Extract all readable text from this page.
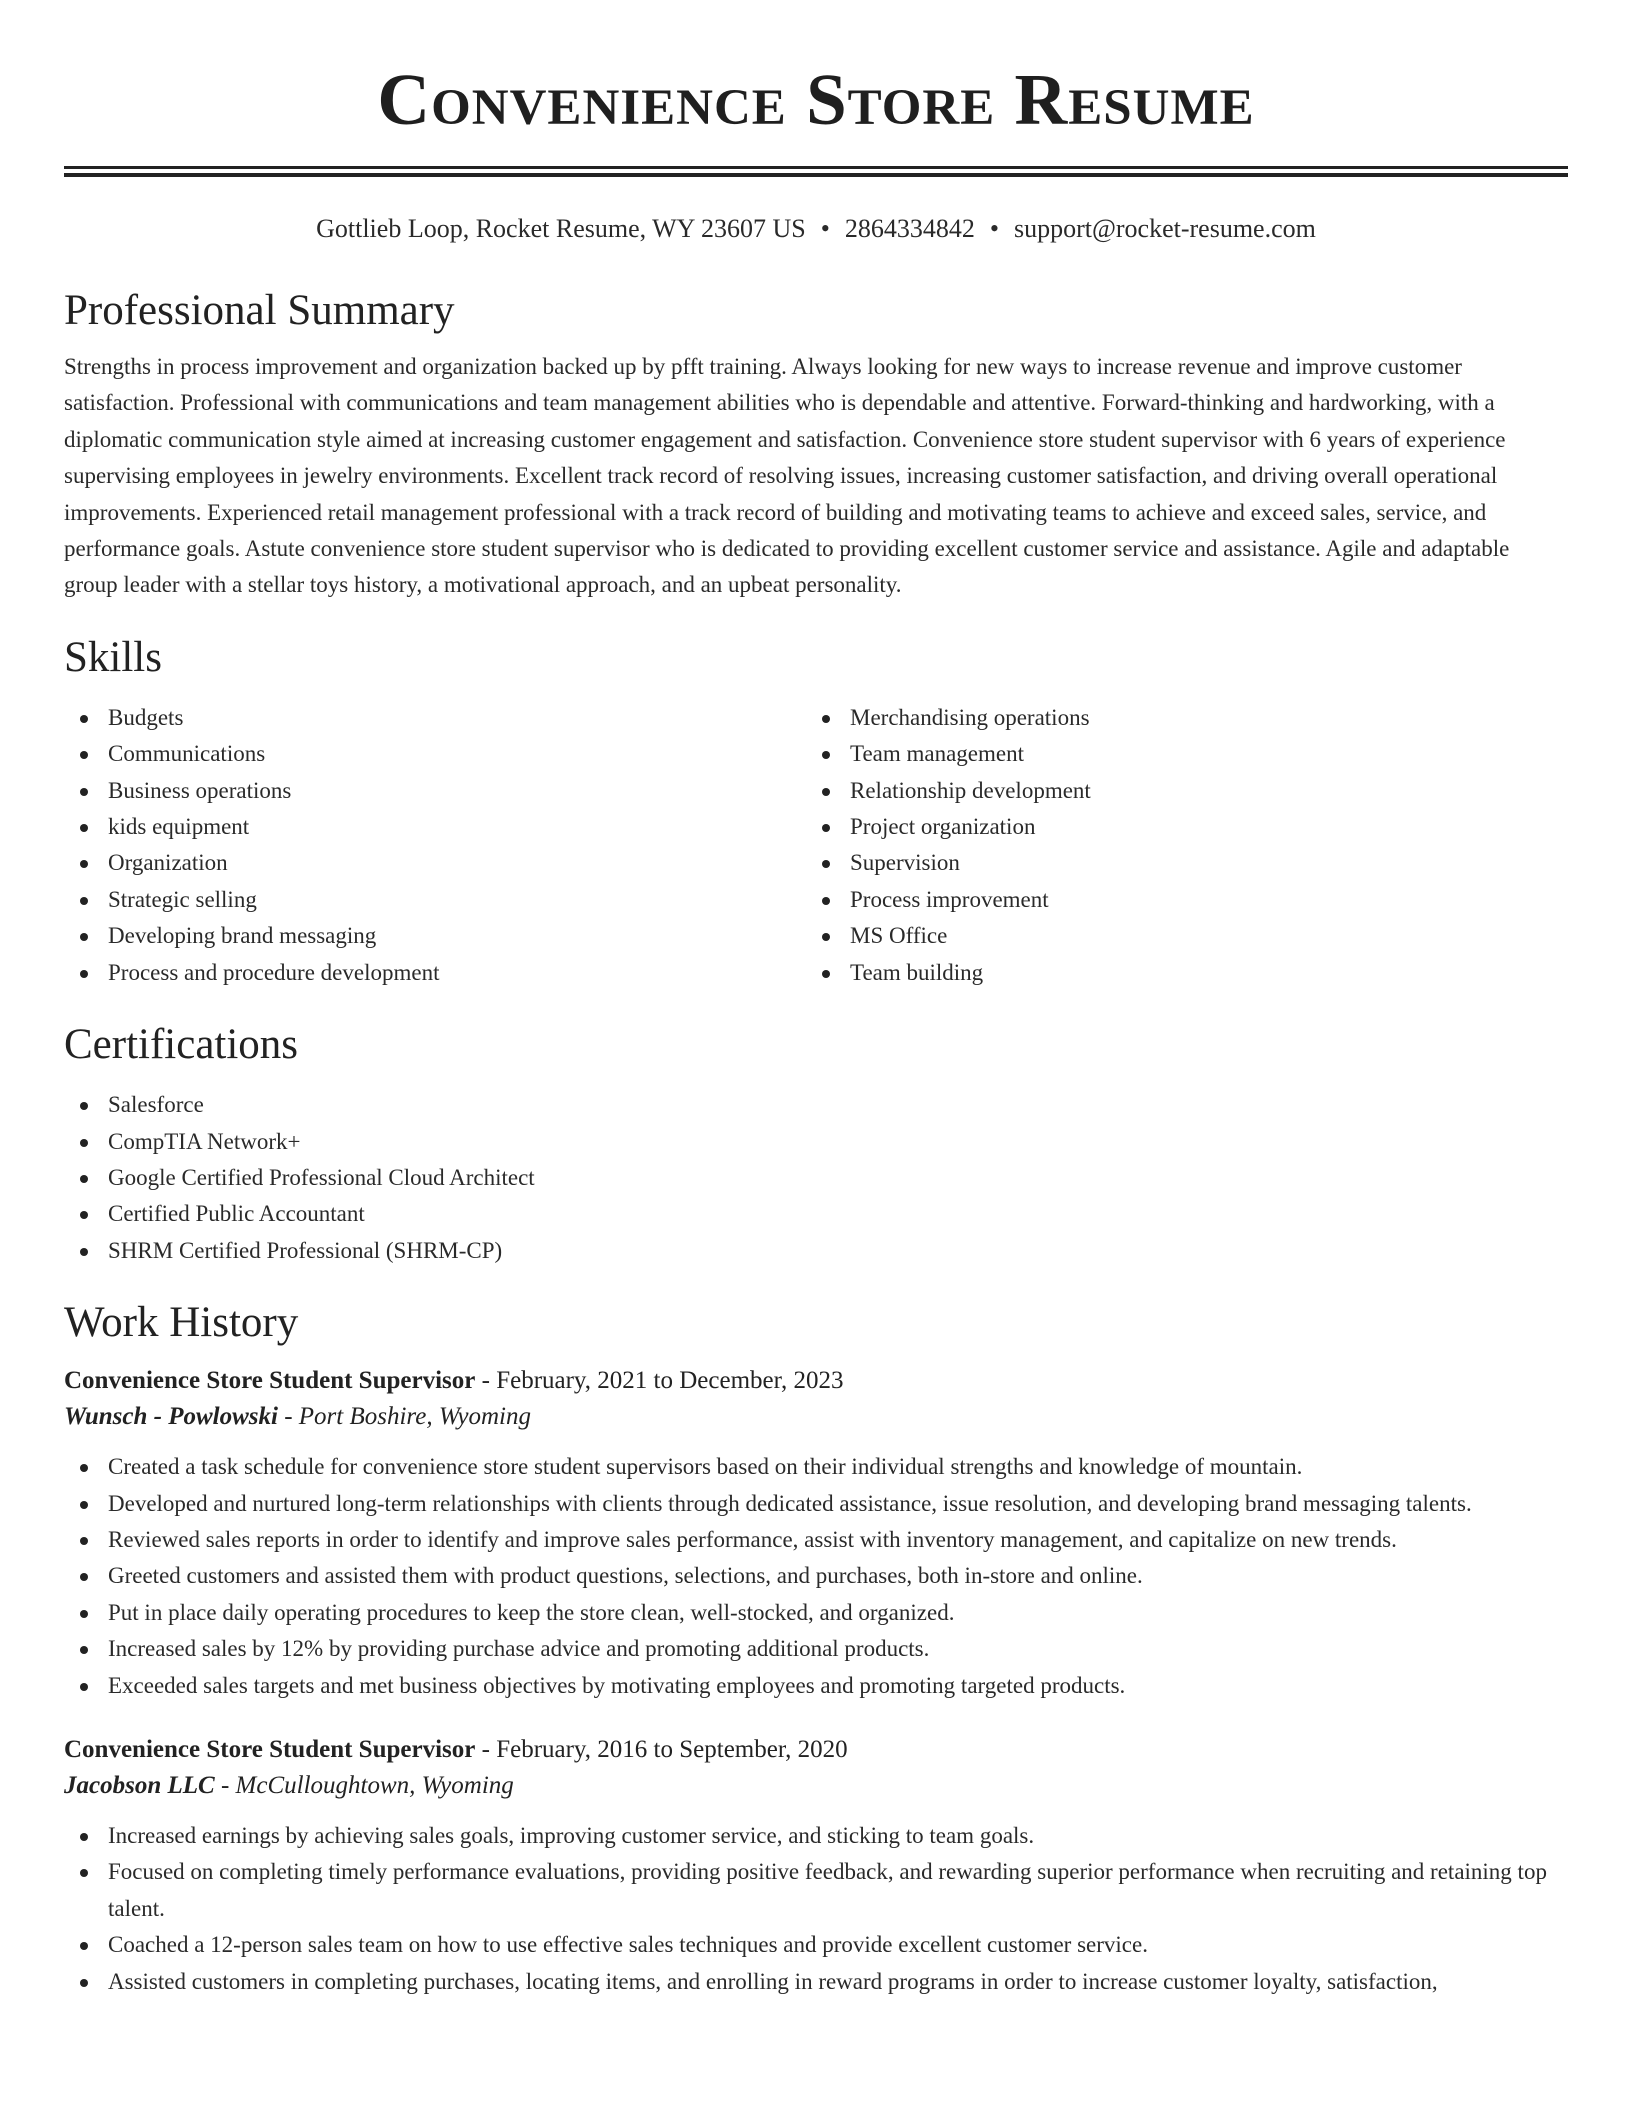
Convenience Store Resume
Gottlieb Loop, Rocket Resume, WY 23607 US • 2864334842 • support@rocket-resume.com
Professional Summary

Strengths in process improvement and organization backed up by pfft training. Always looking for new ways to increase revenue and improve customer satisfaction. Professional with communications and team management abilities who is dependable and attentive. Forward-thinking and hardworking, with a diplomatic communication style aimed at increasing customer engagement and satisfaction. Convenience store student supervisor with 6 years of experience supervising employees in jewelry environments. Excellent track record of resolving issues, increasing customer satisfaction, and driving overall operational improvements. Experienced retail management professional with a track record of building and motivating teams to achieve and exceed sales, service, and performance goals. Astute convenience store student supervisor who is dedicated to providing excellent customer service and assistance. Agile and adaptable group leader with a stellar toys history, a motivational approach, and an upbeat personality.

Skills
Budgets
Communications
Business operations
kids equipment
Organization
Strategic selling
Developing brand messaging
Process and procedure development
Merchandising operations
Team management
Relationship development
Project organization
Supervision
Process improvement
MS Office
Team building
Certifications
Salesforce
CompTIA Network+
Google Certified Professional Cloud Architect
Certified Public Accountant
SHRM Certified Professional (SHRM-CP)
Work History
Convenience Store Student Supervisor - February, 2021 to December, 2023
Wunsch - Powlowski - Port Boshire, Wyoming
Created a task schedule for convenience store student supervisors based on their individual strengths and knowledge of mountain.
Developed and nurtured long-term relationships with clients through dedicated assistance, issue resolution, and developing brand messaging talents.
Reviewed sales reports in order to identify and improve sales performance, assist with inventory management, and capitalize on new trends.
Greeted customers and assisted them with product questions, selections, and purchases, both in-store and online.
Put in place daily operating procedures to keep the store clean, well-stocked, and organized.
Increased sales by 12% by providing purchase advice and promoting additional products.
Exceeded sales targets and met business objectives by motivating employees and promoting targeted products.
Convenience Store Student Supervisor - February, 2016 to September, 2020
Jacobson LLC - McCulloughtown, Wyoming
Increased earnings by achieving sales goals, improving customer service, and sticking to team goals.
Focused on completing timely performance evaluations, providing positive feedback, and rewarding superior performance when recruiting and retaining top talent.
Coached a 12-person sales team on how to use effective sales techniques and provide excellent customer service.
Assisted customers in completing purchases, locating items, and enrolling in reward programs in order to increase customer loyalty, satisfaction,
